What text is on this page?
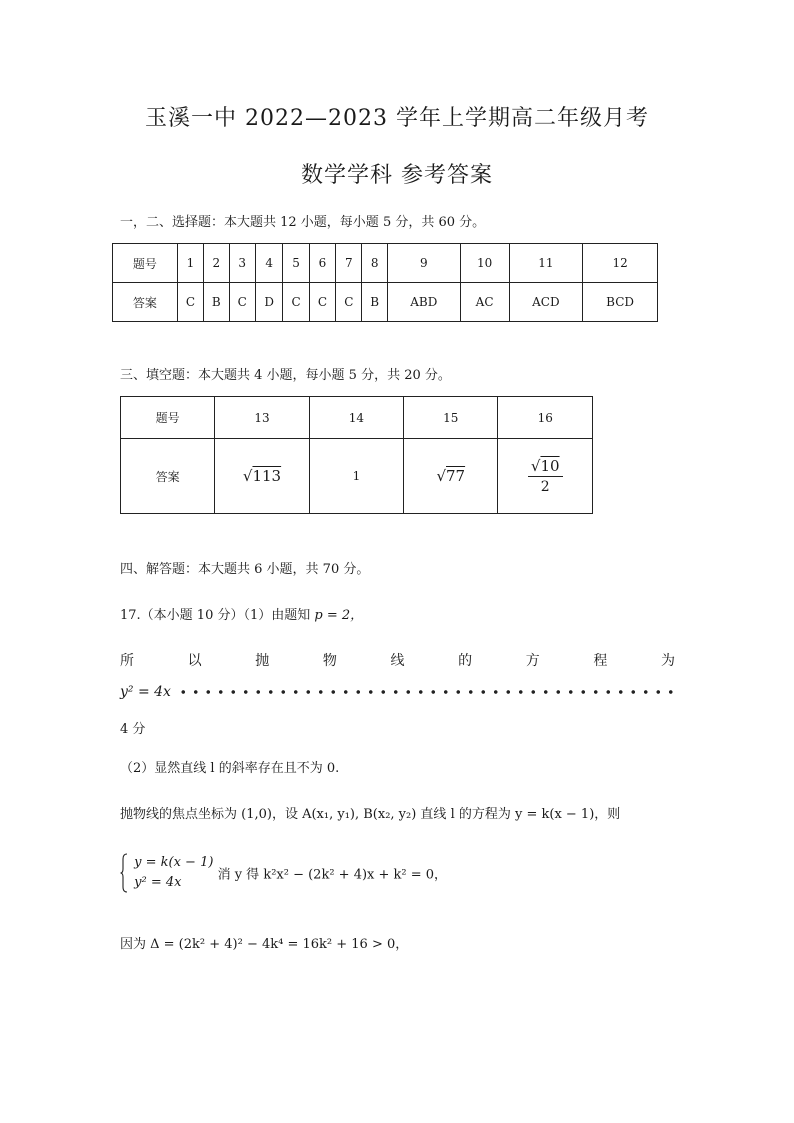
玉溪一中 2022—2023 学年上学期高二年级月考
数学学科 参考答案
一，二、选择题：本大题共 12 小题，每小题 5 分，共 60 分。
题号	1	2	3	4	5	6	7	8	9	10	11	12
答案	C	B	C	D	C	C	C	B	ABD	AC	ACD	BCD
三、填空题：本大题共 4 小题，每小题 5 分，共 20 分。
题号	13	14	15	16
答案	√113	1	√77	$\frac{√10}{2}$
四、解答题：本大题共 6 小题，共 70 分。
17.（本小题 10 分）（1）由题知 p = 2，
所	以	抛	物	线	的	方	程	为
y² = 4x
4 分
（2）显然直线 l 的斜率存在且不为 0.
抛物线的焦点坐标为 (1,0)，设 A(x₁, y₁), B(x₂, y₂) 直线 l 的方程为 y = k(x − 1)，则

y = k(x − 1)
y² = 4x	消 y 得 k²x² − (2k² + 4)x + k² = 0，
因为 Δ = (2k² + 4)² − 4k⁴ = 16k² + 16 > 0，
